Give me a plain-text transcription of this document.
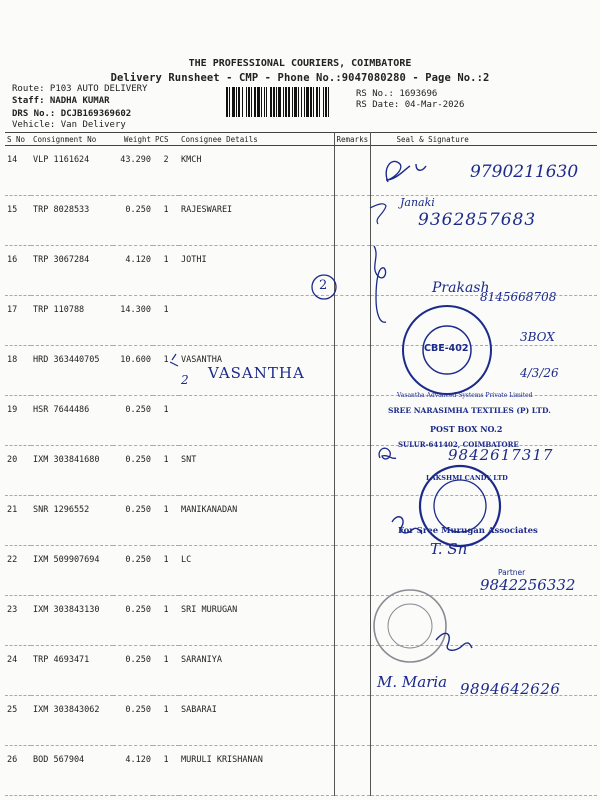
THE PROFESSIONAL COURIERS, COIMBATORE
Delivery Runsheet - CMP - Phone No.:9047080280 - Page No.:2
Route: P103 AUTO DELIVERY
Staff: NADHA KUMAR
DRS No.: DCJB169369602
Vehicle: Van Delivery
RS No.: 1693696
RS Date: 04-Mar-2026
S No	Consignment No	Weight	PCS	Consignee Details	Remarks	Seal & Signature
14	VLP 1161624	43.290	2	KMCH		
15	TRP 8028533	0.250	1	RAJESWAREI		
16	TRP 3067284	4.120	1	JOTHI		
17	TRP 110788	14.300	1			
18	HRD 363440705	10.600	1	VASANTHA		
19	HSR 7644486	0.250	1			
20	IXM 303841680	0.250	1	SNT		
21	SNR 1296552	0.250	1	MANIKANADAN		
22	IXM 509907694	0.250	1	LC		
23	IXM 303843130	0.250	1	SRI MURUGAN		
24	TRP 4693471	0.250	1	SARANIYA		
25	IXM 303843062	0.250	1	SABARAI		
26	BOD 567904	4.120	1	MURULI KRISHANAN		
9790211630
Janaki
9362857683
2	Prakash
8145668708
3BOX
4/3/26
VASANTHA
2
9842617317
T. Sn
9842256332
M. Maria 9894642626
CBE-402
Vasantha Advanced Systems Private Limited
SREE NARASIMHA TEXTILES (P) LTD.
POST BOX NO.2
SULUR-641402, COIMBATORE
LAKSHMI CANDY LTD
For Sree Murugan Associates
Partner
